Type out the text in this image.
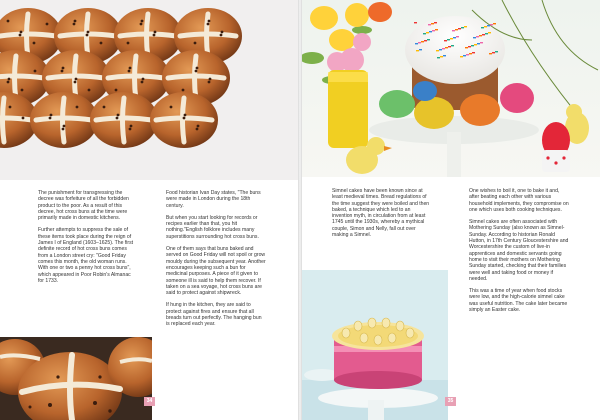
The punishment for transgressing the decree was forfeiture of all the forbidden product to the poor. As a result of this decree, hot cross buns at the time were primarily made in domestic kitchens.

Further attempts to suppress the sale of these items took place during the reign of James I of England (1603–1625). The first definite record of hot cross buns comes from a London street cry: "Good Friday comes this month, the old woman runs. With one or two a penny hot cross buns", which appeared in Poor Robin's Almanac for 1733.

Food historian Ivan Day states, "The buns were made in London during the 18th century.

But when you start looking for records or recipes earlier than that, you hit nothing."English folklore includes many superstitions surrounding hot cross buns.

One of them says that buns baked and served on Good Friday will not spoil or grow mouldy during the subsequent year. Another encourages keeping such a bun for medicinal purposes. A piece of it given to someone ill is said to help them recover. If taken on a sea voyage, hot cross buns are said to protect against shipwreck.

If hung in the kitchen, they are said to protect against fires and ensure that all breads turn out perfectly. The hanging bun is replaced each year.

34

Simnel cakes have been known since at least medieval times. Bread regulations of the time suggest they were boiled and then baked, a technique which led to an invention myth, in circulation from at least 1745 until the 1930s, whereby a mythical couple, Simon and Nelly, fall out over making a Simnel.

One wishes to boil it, one to bake it and, after beating each other with various household implements, they compromise on one which uses both cooking techniques.

Simnel cakes are often associated with Mothering Sunday (also known as Simnel-Sunday. According to historian Ronald Hutton, in 17th Century Gloucestershire and Worcestershire the custom of live-in apprentices and domestic servants going home to visit their mothers on Mothering Sunday started, checking that their families were well and taking food or money if needed.

This was a time of year when food stocks were low, and the high-calorie simnel cake was useful nutrition. The cake later became simply an Easter cake.

35
